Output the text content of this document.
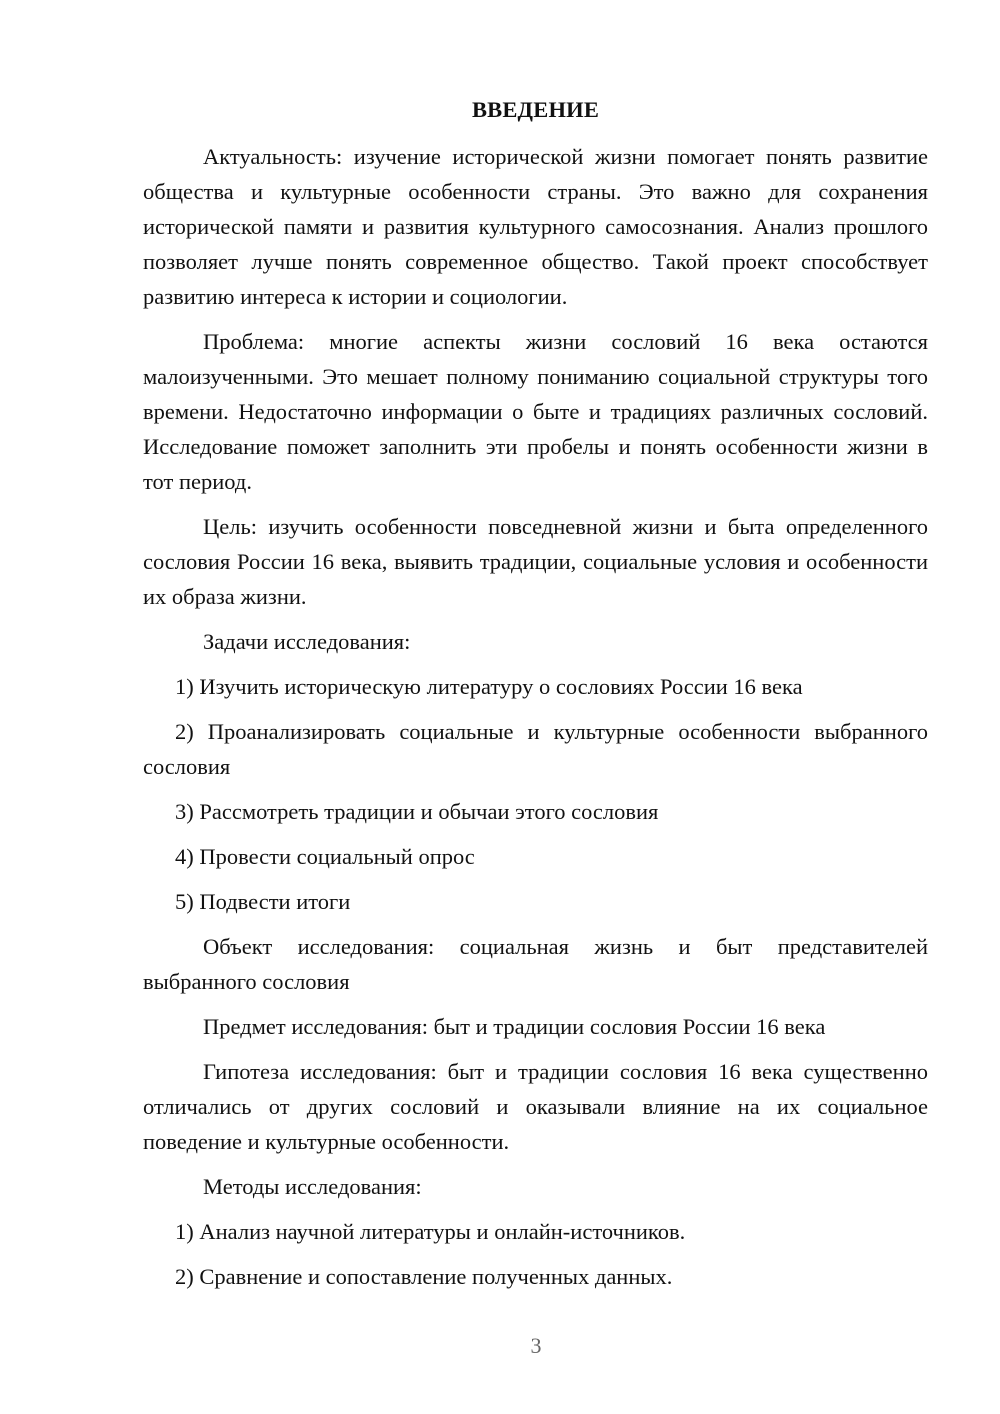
ВВЕДЕНИЕ

Актуальность: изучение исторической жизни помогает понять развитие общества и культурные особенности страны. Это важно для сохранения исторической памяти и развития культурного самосознания. Анализ прошлого позволяет лучше понять современное общество. Такой проект способствует развитию интереса к истории и социологии.

Проблема: многие аспекты жизни сословий 16 века остаются малоизученными. Это мешает полному пониманию социальной структуры того времени. Недостаточно информации о быте и традициях различных сословий. Исследование поможет заполнить эти пробелы и понять особенности жизни в тот период.

Цель: изучить особенности повседневной жизни и быта определенного сословия России 16 века, выявить традиции, социальные условия и особенности их образа жизни.

Задачи исследования:

1) Изучить историческую литературу о сословиях России 16 века

2) Проанализировать социальные и культурные особенности выбранного сословия

3) Рассмотреть традиции и обычаи этого сословия

4) Провести социальный опрос

5) Подвести итоги

Объект исследования: социальная жизнь и быт представителей выбранного сословия

Предмет исследования: быт и традиции сословия России 16 века

Гипотеза исследования: быт и традиции сословия 16 века существенно отличались от других сословий и оказывали влияние на их социальное поведение и культурные особенности.

Методы исследования:

1) Анализ научной литературы и онлайн-источников.

2) Сравнение и сопоставление полученных данных.

3
